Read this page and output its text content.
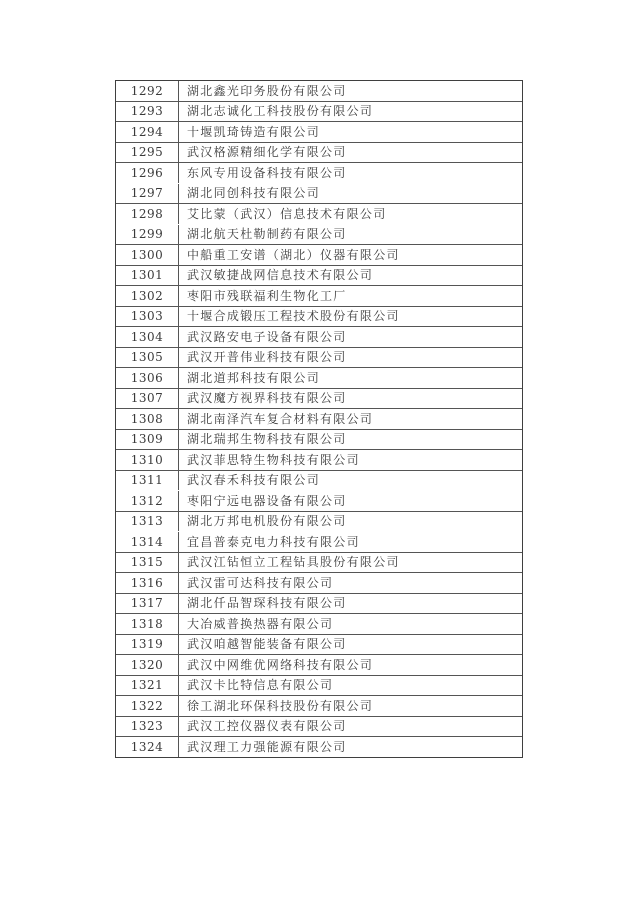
1292	湖北鑫光印务股份有限公司
1293	湖北志诚化工科技股份有限公司
1294	十堰凯琦铸造有限公司
1295	武汉格源精细化学有限公司
1296	东风专用设备科技有限公司
1297	湖北同创科技有限公司
1298	艾比蒙（武汉）信息技术有限公司
1299	湖北航天杜勒制药有限公司
1300	中船重工安谱（湖北）仪器有限公司
1301	武汉敏捷战网信息技术有限公司
1302	枣阳市残联福利生物化工厂
1303	十堰合成锻压工程技术股份有限公司
1304	武汉路安电子设备有限公司
1305	武汉开普伟业科技有限公司
1306	湖北道邦科技有限公司
1307	武汉魔方视界科技有限公司
1308	湖北南泽汽车复合材料有限公司
1309	湖北瑞邦生物科技有限公司
1310	武汉菲思特生物科技有限公司
1311	武汉春禾科技有限公司
1312	枣阳宁远电器设备有限公司
1313	湖北万邦电机股份有限公司
1314	宜昌普泰克电力科技有限公司
1315	武汉江钻恒立工程钻具股份有限公司
1316	武汉雷可达科技有限公司
1317	湖北仟品智琛科技有限公司
1318	大冶威普换热器有限公司
1319	武汉咱越智能装备有限公司
1320	武汉中网维优网络科技有限公司
1321	武汉卡比特信息有限公司
1322	徐工湖北环保科技股份有限公司
1323	武汉工控仪器仪表有限公司
1324	武汉理工力强能源有限公司
